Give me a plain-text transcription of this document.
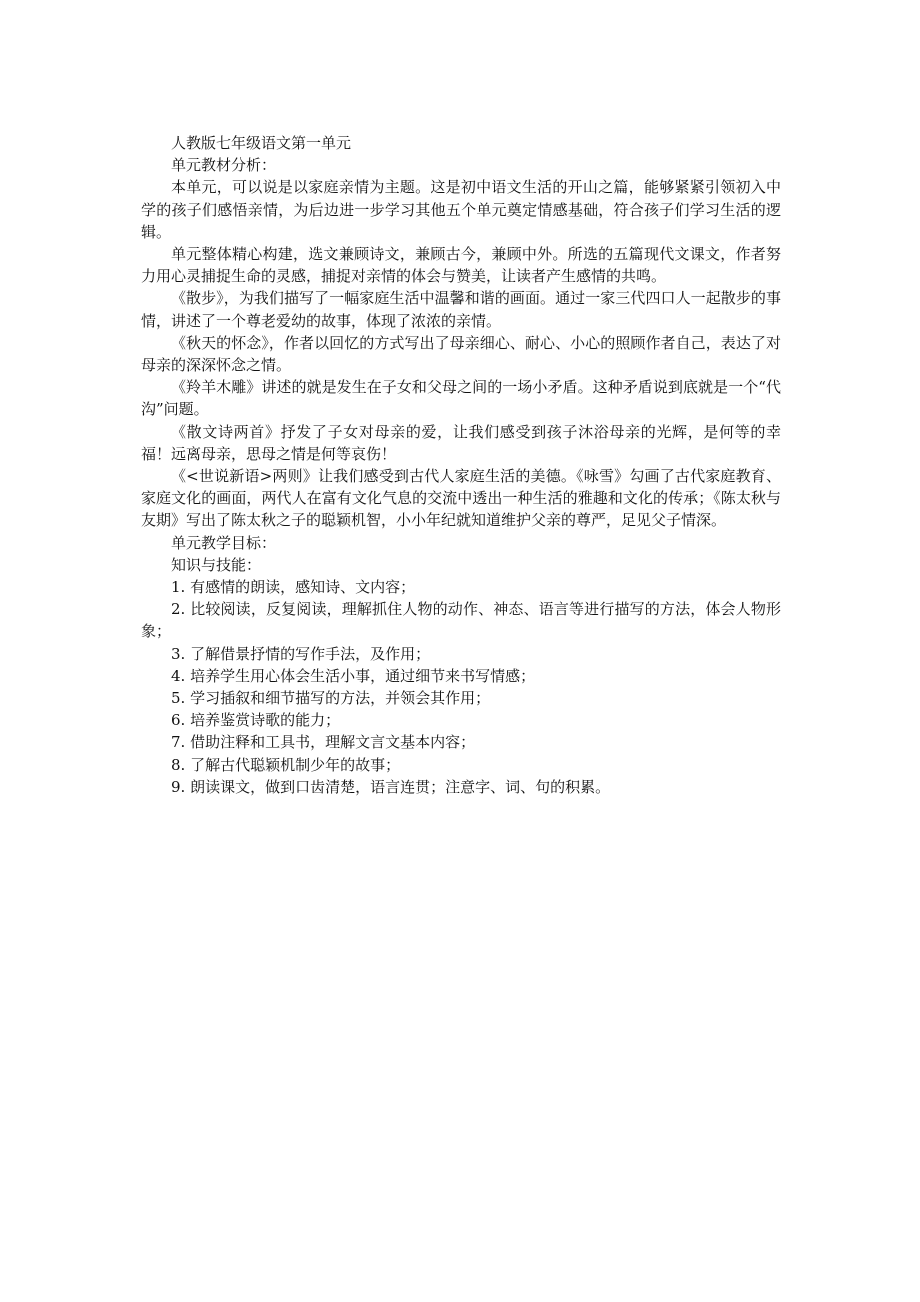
人教版七年级语文第一单元

单元教材分析：

本单元，可以说是以家庭亲情为主题。这是初中语文生活的开山之篇，能够紧紧引领初入中学的孩子们感悟亲情，为后边进一步学习其他五个单元奠定情感基础，符合孩子们学习生活的逻辑。

单元整体精心构建，选文兼顾诗文，兼顾古今，兼顾中外。所选的五篇现代文课文，作者努力用心灵捕捉生命的灵感，捕捉对亲情的体会与赞美，让读者产生感情的共鸣。

《散步》，为我们描写了一幅家庭生活中温馨和谐的画面。通过一家三代四口人一起散步的事情，讲述了一个尊老爱幼的故事，体现了浓浓的亲情。

《秋天的怀念》，作者以回忆的方式写出了母亲细心、耐心、小心的照顾作者自己，表达了对母亲的深深怀念之情。

《羚羊木雕》讲述的就是发生在子女和父母之间的一场小矛盾。这种矛盾说到底就是一个“代沟”问题。

《散文诗两首》抒发了子女对母亲的爱，让我们感受到孩子沐浴母亲的光辉，是何等的幸福！远离母亲，思母之情是何等哀伤！

《<世说新语>两则》让我们感受到古代人家庭生活的美德。《咏雪》勾画了古代家庭教育、家庭文化的画面，两代人在富有文化气息的交流中透出一种生活的雅趣和文化的传承；《陈太秋与友期》写出了陈太秋之子的聪颖机智，小小年纪就知道维护父亲的尊严，足见父子情深。

单元教学目标：

知识与技能：

1. 有感情的朗读，感知诗、文内容；

2. 比较阅读，反复阅读，理解抓住人物的动作、神态、语言等进行描写的方法，体会人物形象；

3. 了解借景抒情的写作手法，及作用；

4. 培养学生用心体会生活小事，通过细节来书写情感；

5. 学习插叙和细节描写的方法，并领会其作用；

6. 培养鉴赏诗歌的能力；

7. 借助注释和工具书，理解文言文基本内容；

8. 了解古代聪颖机制少年的故事；

9. 朗读课文，做到口齿清楚，语言连贯；注意字、词、句的积累。
